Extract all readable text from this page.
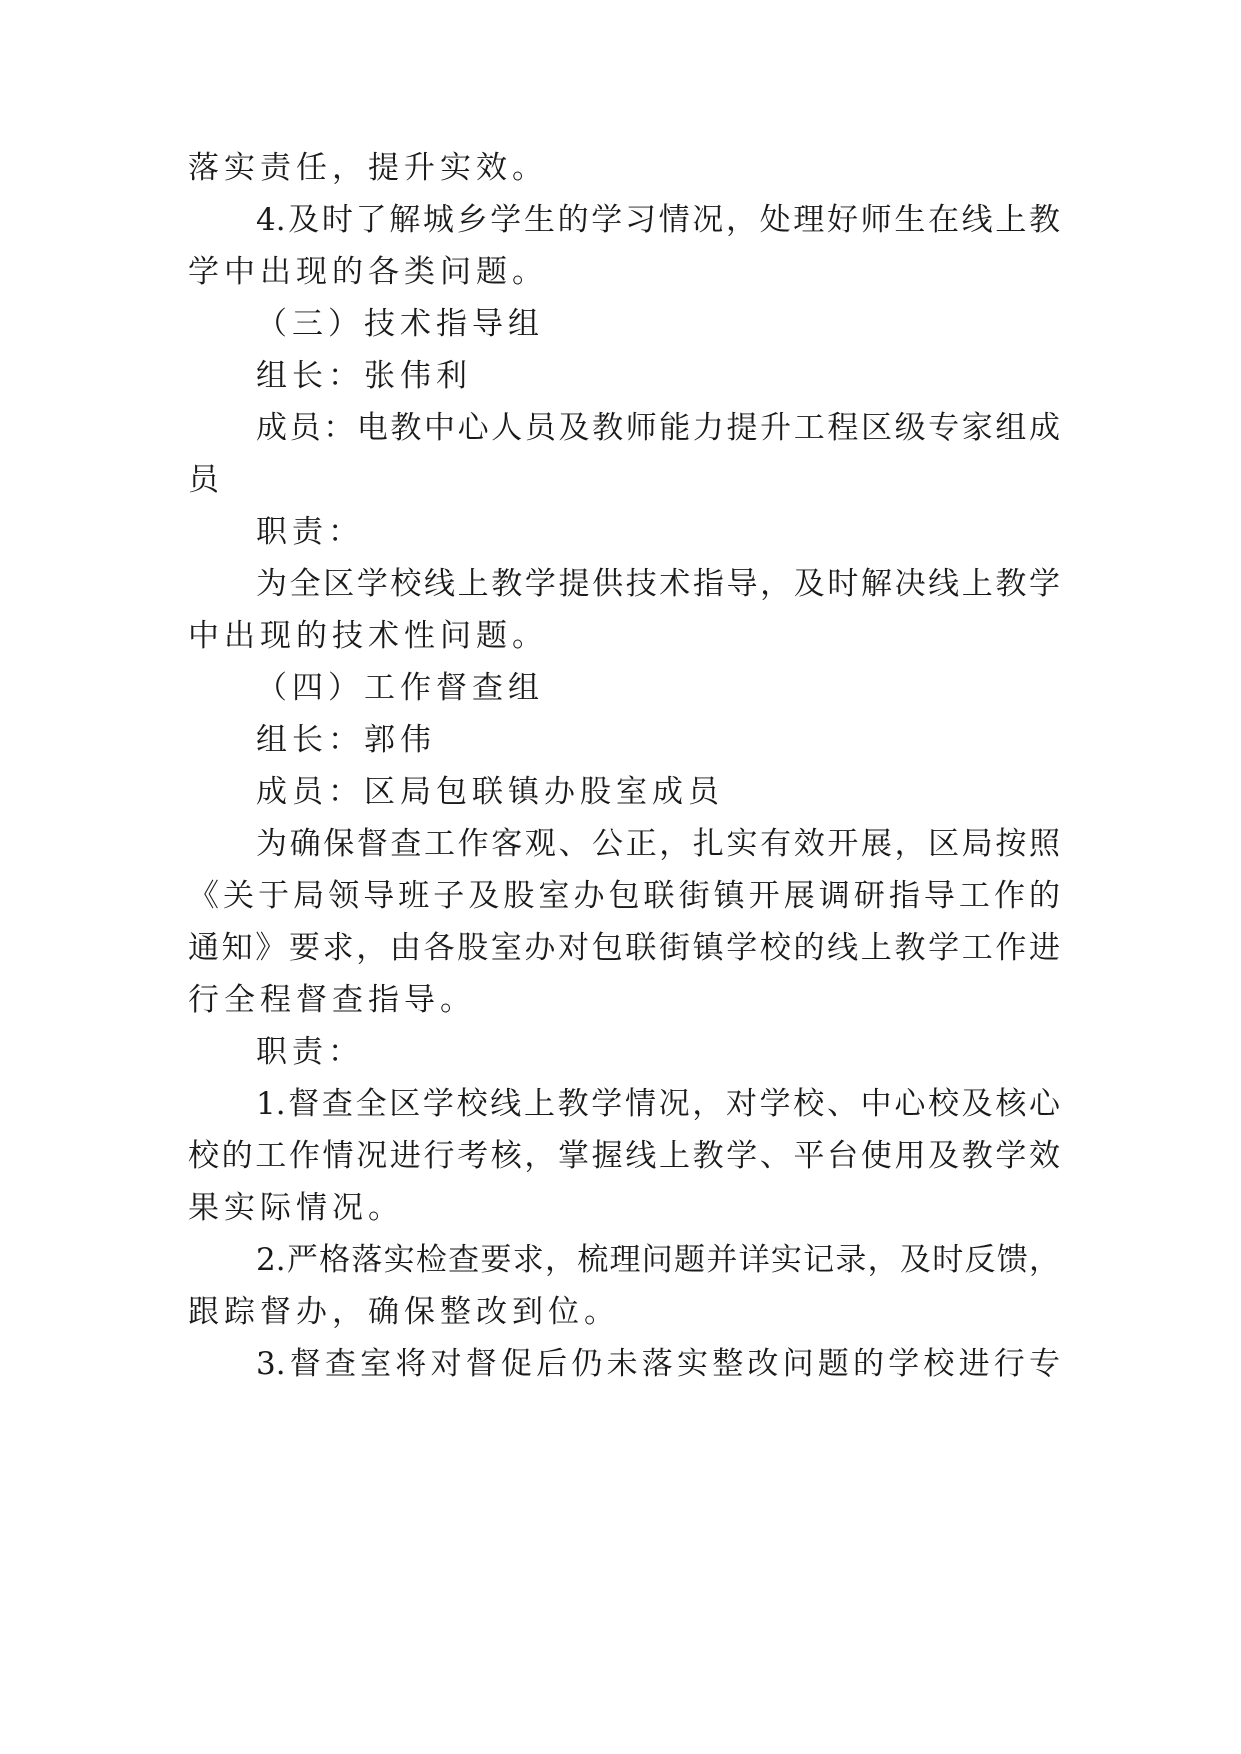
落实责任，提升实效。
4.及时了解城乡学生的学习情况，处理好师生在线上教
学中出现的各类问题。
（三）技术指导组
组长：张伟利
成员：电教中心人员及教师能力提升工程区级专家组成
员
职责：
为全区学校线上教学提供技术指导，及时解决线上教学
中出现的技术性问题。
（四）工作督查组
组长：郭伟
成员：区局包联镇办股室成员
为确保督查工作客观、公正，扎实有效开展，区局按照
《关于局领导班子及股室办包联街镇开展调研指导工作的
通知》要求，由各股室办对包联街镇学校的线上教学工作进
行全程督查指导。
职责：
1.督查全区学校线上教学情况，对学校、中心校及核心
校的工作情况进行考核，掌握线上教学、平台使用及教学效
果实际情况。
2.严格落实检查要求，梳理问题并详实记录，及时反馈，
跟踪督办，确保整改到位。
3.督查室将对督促后仍未落实整改问题的学校进行专
